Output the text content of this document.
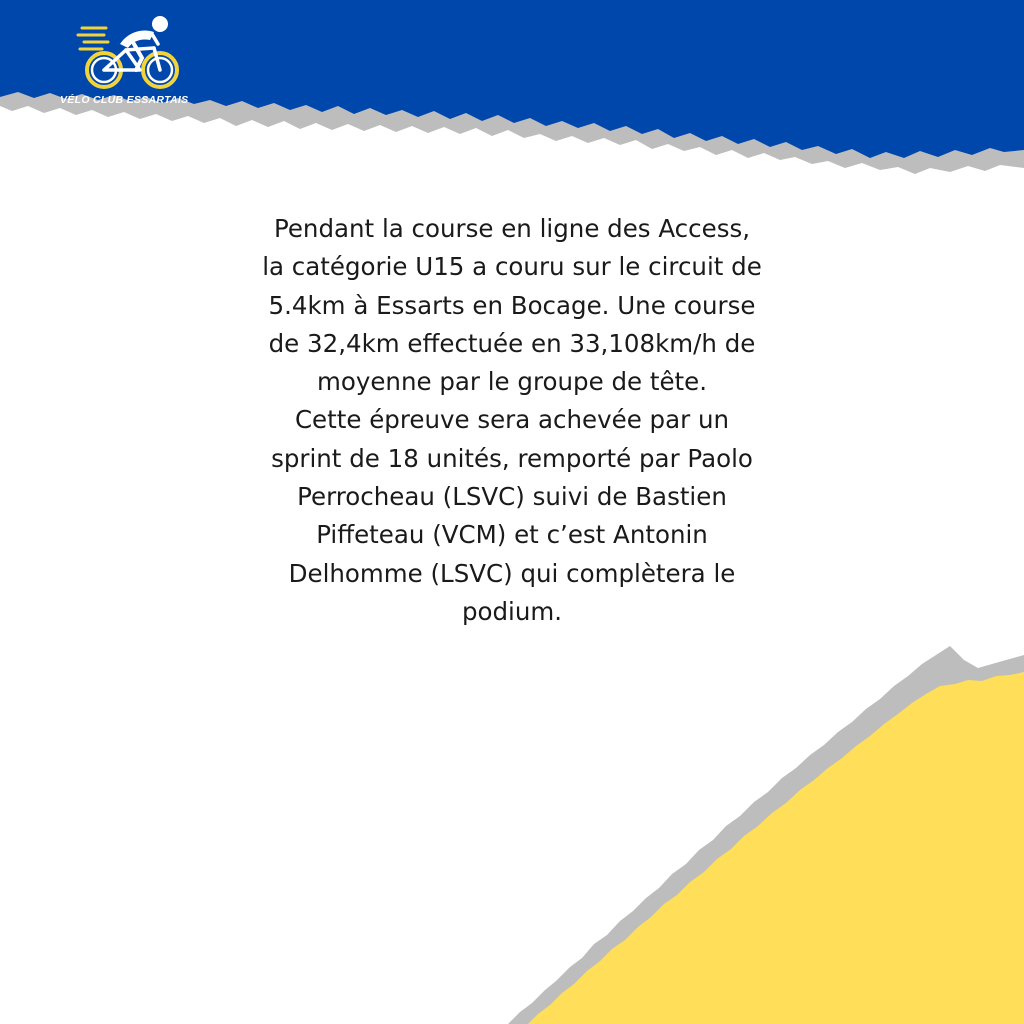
VÉLO CLUB ESSARTAIS

Pendant la course en ligne des Access,
la catégorie U15 a couru sur le circuit de
5.4km à Essarts en Bocage. Une course
de 32,4km effectuée en 33,108km/h de
moyenne par le groupe de tête.
Cette épreuve sera achevée par un
sprint de 18 unités, remporté par Paolo
Perrocheau (LSVC) suivi de Bastien
Piffeteau (VCM) et c’est Antonin
Delhomme (LSVC) qui complètera le
podium.
